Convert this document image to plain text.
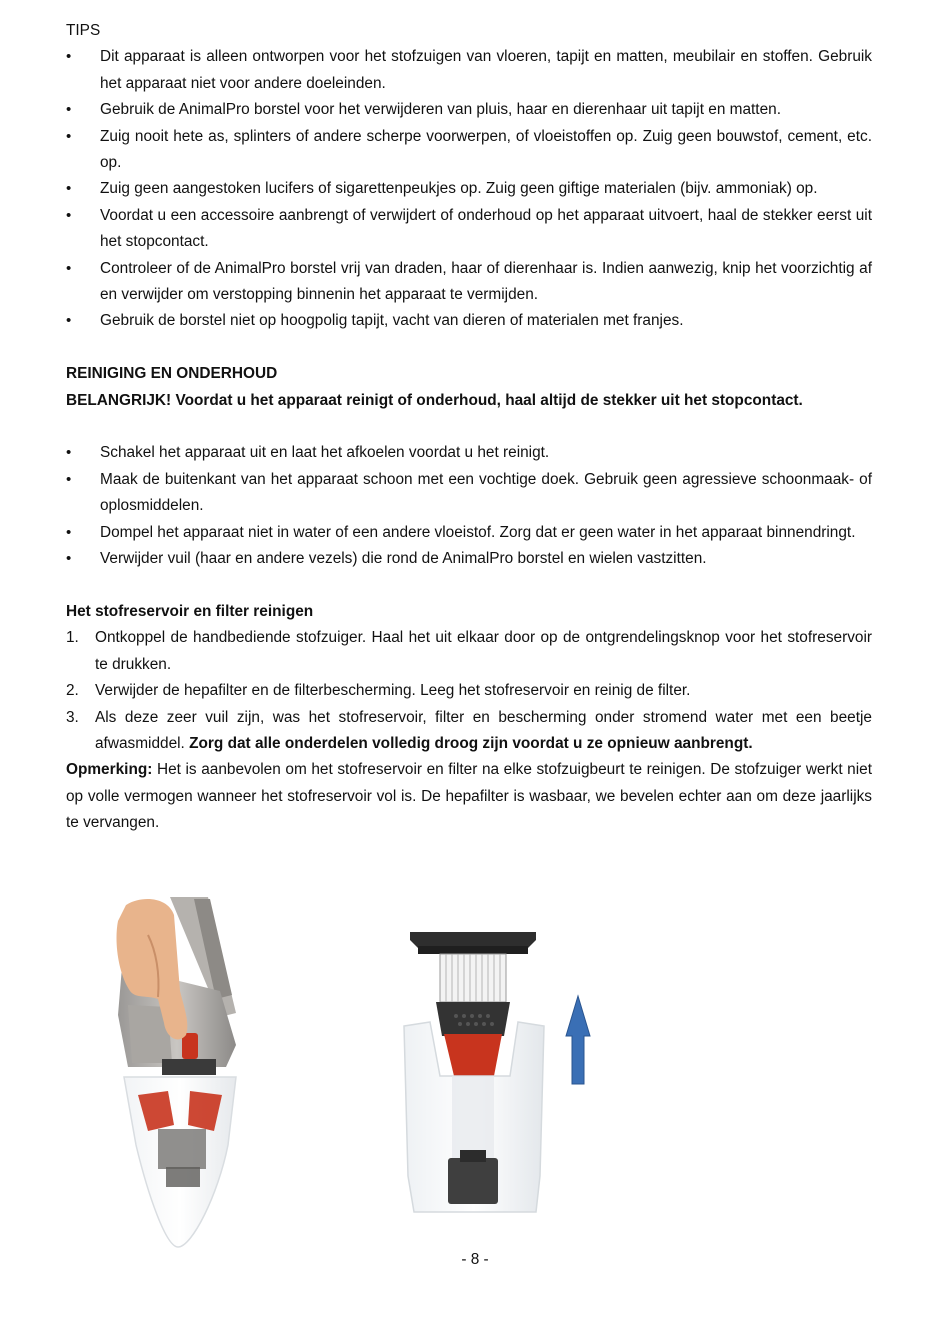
TIPS

• Dit apparaat is alleen ontworpen voor het stofzuigen van vloeren, tapijt en matten, meubilair en stoffen. Gebruik het apparaat niet voor andere doeleinden.
• Gebruik de AnimalPro borstel voor het verwijderen van pluis, haar en dierenhaar uit tapijt en matten.
• Zuig nooit hete as, splinters of andere scherpe voorwerpen, of vloeistoffen op. Zuig geen bouwstof, cement, etc. op.
• Zuig geen aangestoken lucifers of sigarettenpeukjes op. Zuig geen giftige materialen (bijv. ammoniak) op.
• Voordat u een accessoire aanbrengt of verwijdert of onderhoud op het apparaat uitvoert, haal de stekker eerst uit het stopcontact.
• Controleer of de AnimalPro borstel vrij van draden, haar of dierenhaar is. Indien aanwezig, knip het voorzichtig af en verwijder om verstopping binnenin het apparaat te vermijden.
• Gebruik de borstel niet op hoogpolig tapijt, vacht van dieren of materialen met franjes.

REINIGING EN ONDERHOUD

BELANGRIJK! Voordat u het apparaat reinigt of onderhoud, haal altijd de stekker uit het stopcontact.

• Schakel het apparaat uit en laat het afkoelen voordat u het reinigt.
• Maak de buitenkant van het apparaat schoon met een vochtige doek. Gebruik geen agressieve schoonmaak- of oplosmiddelen.
• Dompel het apparaat niet in water of een andere vloeistof. Zorg dat er geen water in het apparaat binnendringt.
• Verwijder vuil (haar en andere vezels) die rond de AnimalPro borstel en wielen vastzitten.

Het stofreservoir en filter reinigen

1. Ontkoppel de handbediende stofzuiger. Haal het uit elkaar door op de ontgrendelingsknop voor het stofreservoir te drukken.
2. Verwijder de hepafilter en de filterbescherming. Leeg het stofreservoir en reinig de filter.
3. Als deze zeer vuil zijn, was het stofreservoir, filter en bescherming onder stromend water met een beetje afwasmiddel. Zorg dat alle onderdelen volledig droog zijn voordat u ze opnieuw aanbrengt.

Opmerking: Het is aanbevolen om het stofreservoir en filter na elke stofzuigbeurt te reinigen. De stofzuiger werkt niet op volle vermogen wanneer het stofreservoir vol is. De hepafilter is wasbaar, we bevelen echter aan om deze jaarlijks te vervangen.

- 8 -
